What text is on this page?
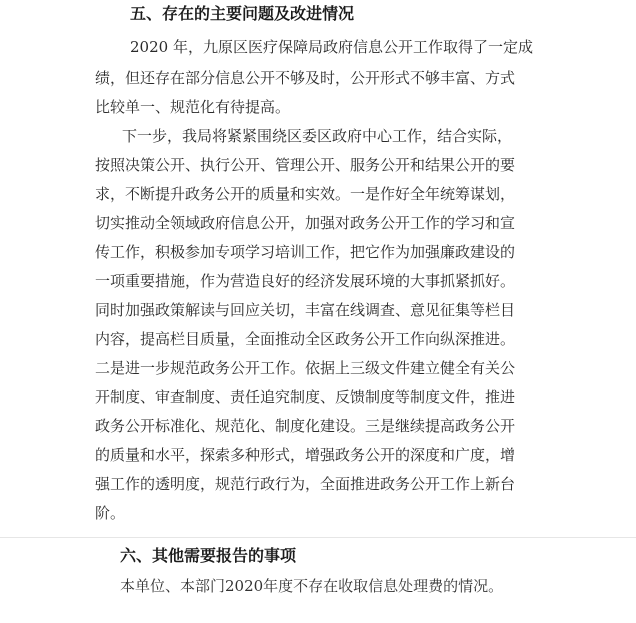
五、存在的主要问题及改进情况
2020 年，九原区医疗保障局政府信息公开工作取得了一定成
绩，但还存在部分信息公开不够及时，公开形式不够丰富、方式
比较单一、规范化有待提高。
下一步，我局将紧紧围绕区委区政府中心工作，结合实际，
按照决策公开、执行公开、管理公开、服务公开和结果公开的要
求，不断提升政务公开的质量和实效。一是作好全年统筹谋划，
切实推动全领域政府信息公开，加强对政务公开工作的学习和宣
传工作，积极参加专项学习培训工作，把它作为加强廉政建设的
一项重要措施，作为营造良好的经济发展环境的大事抓紧抓好。
同时加强政策解读与回应关切，丰富在线调查、意见征集等栏目
内容，提高栏目质量，全面推动全区政务公开工作向纵深推进。
二是进一步规范政务公开工作。依据上三级文件建立健全有关公
开制度、审查制度、责任追究制度、反馈制度等制度文件，推进
政务公开标准化、规范化、制度化建设。三是继续提高政务公开
的质量和水平，探索多种形式，增强政务公开的深度和广度，增
强工作的透明度，规范行政行为，全面推进政务公开工作上新台
阶。
六、其他需要报告的事项
本单位、本部门2020年度不存在收取信息处理费的情况。
